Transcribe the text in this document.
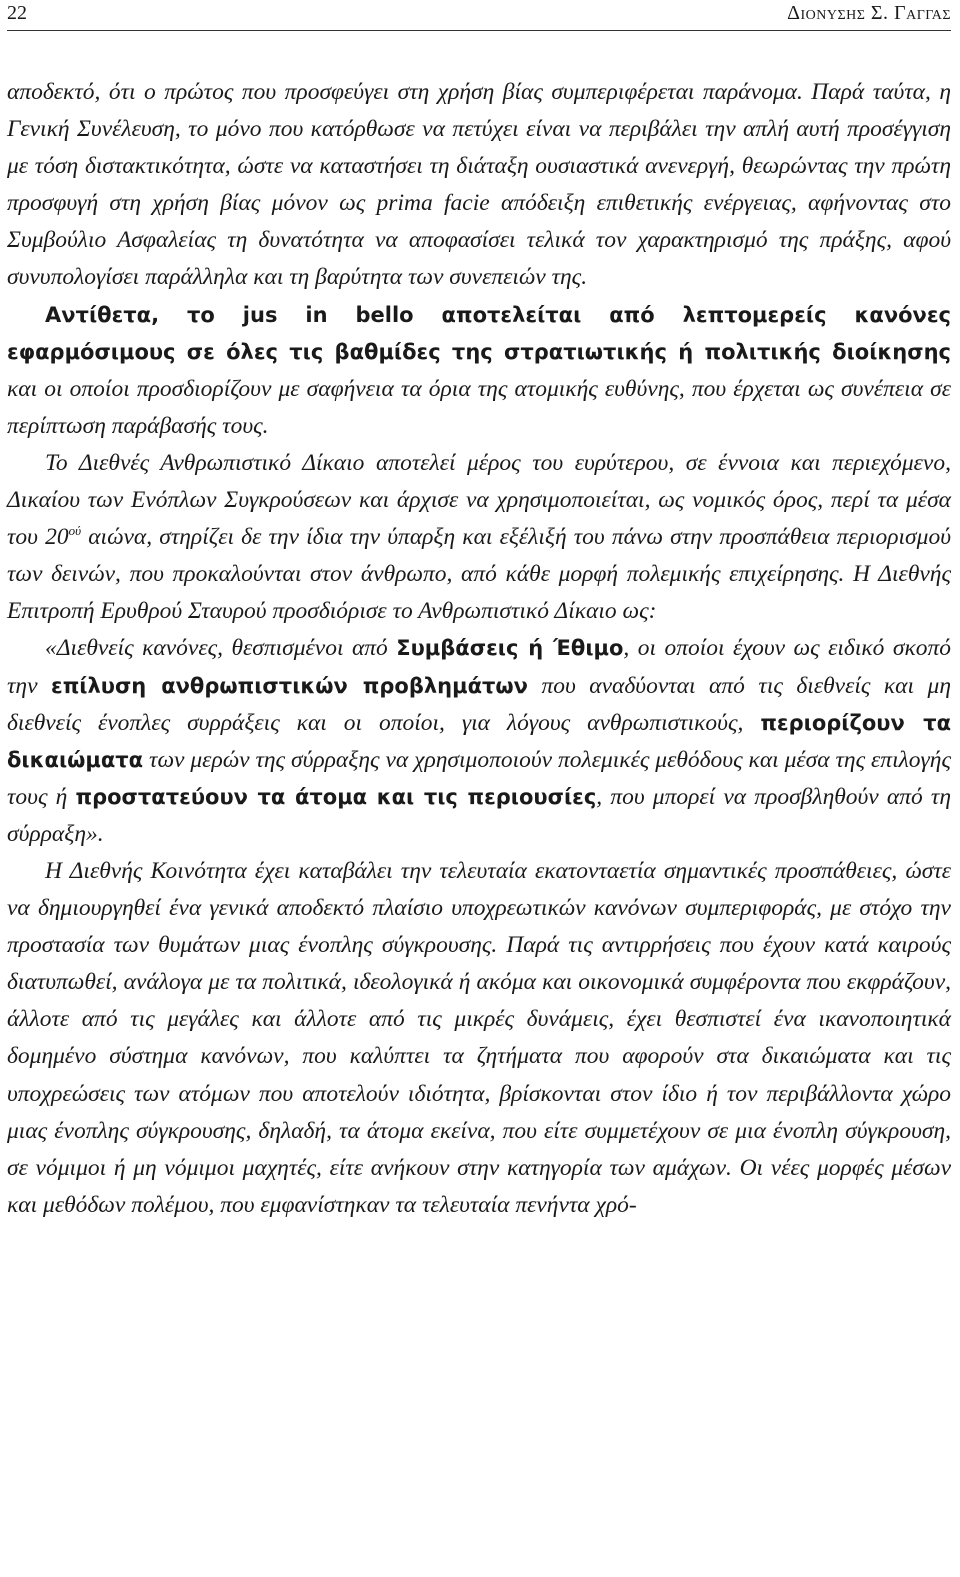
22	Διονυσης Σ. Γαγγας

αποδεκτό, ότι ο πρώτος που προσφεύγει στη χρήση βίας συμπεριφέρεται παράνομα. Παρά ταύτα, η Γενική Συνέλευση, το μόνο που κατόρθωσε να πετύχει είναι να περιβάλει την απλή αυτή προσέγγιση με τόση διστακτικότητα, ώστε να καταστήσει τη διάταξη ουσιαστικά ανενεργή, θεωρώντας την πρώτη προσφυγή στη χρήση βίας μόνον ως prima facie απόδειξη επιθετικής ενέργειας, αφήνοντας στο Συμβούλιο Ασφαλείας τη δυνατότητα να αποφασίσει τελικά τον χαρακτηρισμό της πράξης, αφού συνυπολογίσει παράλληλα και τη βαρύτητα των συνεπειών της.

Αντίθετα, το jus in bello αποτελείται από λεπτομερείς κανόνες εφαρμόσιμους σε όλες τις βαθμίδες της στρατιωτικής ή πολιτικής διοίκησης και οι οποίοι προσδιορίζουν με σαφήνεια τα όρια της ατομικής ευθύνης, που έρχεται ως συνέπεια σε περίπτωση παράβασής τους.

Το Διεθνές Ανθρωπιστικό Δίκαιο αποτελεί μέρος του ευρύτερου, σε έννοια και περιεχόμενο, Δικαίου των Ενόπλων Συγκρούσεων και άρχισε να χρησιμοποιείται, ως νομικός όρος, περί τα μέσα του $20^{oύ}$ αιώνα, στηρίζει δε την ίδια την ύπαρξη και εξέλιξή του πάνω στην προσπάθεια περιορισμού των δεινών, που προκαλούνται στον άνθρωπο, από κάθε μορφή πολεμικής επιχείρησης. Η Διεθνής Επιτροπή Ερυθρού Σταυρού προσδιόρισε το Ανθρωπιστικό Δίκαιο ως:

«Διεθνείς κανόνες, θεσπισμένοι από Συμβάσεις ή Έθιμο, οι οποίοι έχουν ως ειδικό σκοπό την επίλυση ανθρωπιστικών προβλημάτων που αναδύονται από τις διεθνείς και μη διεθνείς ένοπλες συρράξεις και οι οποίοι, για λόγους ανθρωπιστικούς, περιορίζουν τα δικαιώματα των μερών της σύρραξης να χρησιμοποιούν πολεμικές μεθόδους και μέσα της επιλογής τους ή προστατεύουν τα άτομα και τις περιουσίες, που μπορεί να προσβληθούν από τη σύρραξη».

Η Διεθνής Κοινότητα έχει καταβάλει την τελευταία εκατονταετία σημαντικές προσπάθειες, ώστε να δημιουργηθεί ένα γενικά αποδεκτό πλαίσιο υποχρεωτικών κανόνων συμπεριφοράς, με στόχο την προστασία των θυμάτων μιας ένοπλης σύγκρουσης. Παρά τις αντιρρήσεις που έχουν κατά καιρούς διατυπωθεί, ανάλογα με τα πολιτικά, ιδεολογικά ή ακόμα και οικονομικά συμφέροντα που εκφράζουν, άλλοτε από τις μεγάλες και άλλοτε από τις μικρές δυνάμεις, έχει θεσπιστεί ένα ικανοποιητικά δομημένο σύστημα κανόνων, που καλύπτει τα ζητήματα που αφορούν στα δικαιώματα και τις υποχρεώσεις των ατόμων που αποτελούν ιδιότητα, βρίσκονται στον ίδιο ή τον περιβάλλοντα χώρο μιας ένοπλης σύγκρουσης, δηλαδή, τα άτομα εκείνα, που είτε συμμετέχουν σε μια ένοπλη σύγκρουση, σε νόμιμοι ή μη νόμιμοι μαχητές, είτε ανήκουν στην κατηγορία των αμάχων. Οι νέες μορφές μέσων και μεθόδων πολέμου, που εμφανίστηκαν τα τελευταία πενήντα χρό-
